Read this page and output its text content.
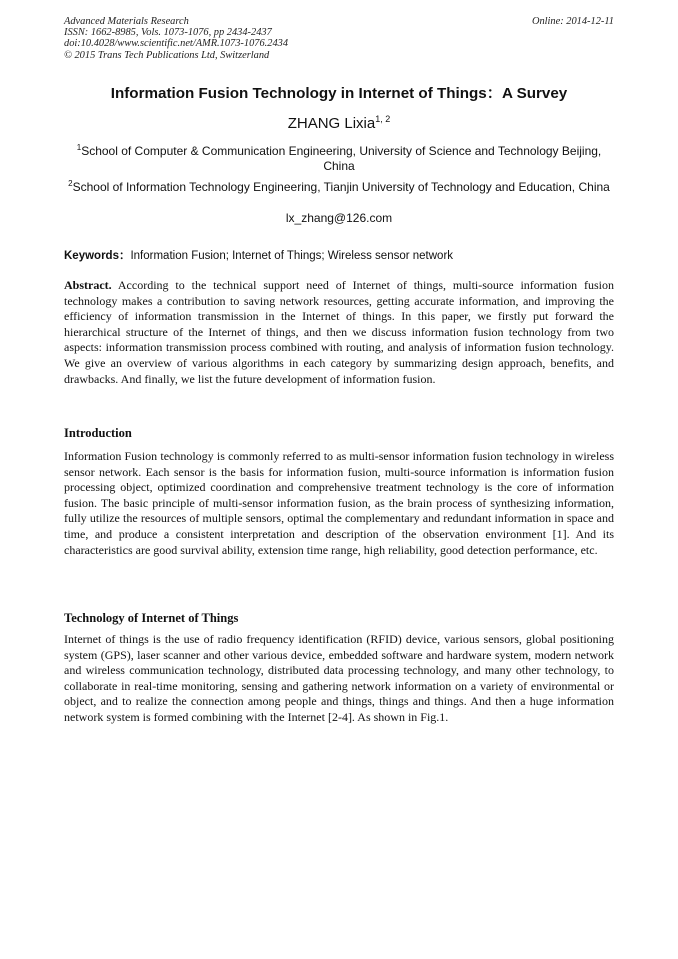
Advanced Materials Research	Online: 2014-12-11
ISSN: 1662-8985, Vols. 1073-1076, pp 2434-2437
doi:10.4028/www.scientific.net/AMR.1073-1076.2434
© 2015 Trans Tech Publications Ltd, Switzerland
Information Fusion Technology in Internet of Things：A Survey
ZHANG Lixia$^{1, 2}$
$^1$School of Computer & Communication Engineering, University of Science and Technology Beijing, China
$^2$School of Information Technology Engineering, Tianjin University of Technology and Education, China
lx_zhang@126.com
Keywords：Information Fusion; Internet of Things; Wireless sensor network
Abstract. According to the technical support need of Internet of things, multi-source information fusion technology makes a contribution to saving network resources, getting accurate information, and improving the efficiency of information transmission in the Internet of things. In this paper, we firstly put forward the hierarchical structure of the Internet of things, and then we discuss information fusion technology from two aspects: information transmission process combined with routing, and analysis of information fusion technology. We give an overview of various algorithms in each category by summarizing design approach, benefits, and drawbacks. And finally, we list the future development of information fusion.
Introduction
Information Fusion technology is commonly referred to as multi-sensor information fusion technology in wireless sensor network. Each sensor is the basis for information fusion, multi-source information is information fusion processing object, optimized coordination and comprehensive treatment technology is the core of information fusion. The basic principle of multi-sensor information fusion, as the brain process of synthesizing information, fully utilize the resources of multiple sensors, optimal the complementary and redundant information in space and time, and produce a consistent interpretation and description of the observation environment [1]. And its characteristics are good survival ability, extension time range, high reliability, good detection performance, etc.
Technology of Internet of Things
Internet of things is the use of radio frequency identification (RFID) device, various sensors, global positioning system (GPS), laser scanner and other various device, embedded software and hardware system, modern network and wireless communication technology, distributed data processing technology, and many other technology, to collaborate in real-time monitoring, sensing and gathering network information on a variety of environmental or object, and to realize the connection among people and things, things and things. And then a huge information network system is formed combining with the Internet [2-4]. As shown in Fig.1.
